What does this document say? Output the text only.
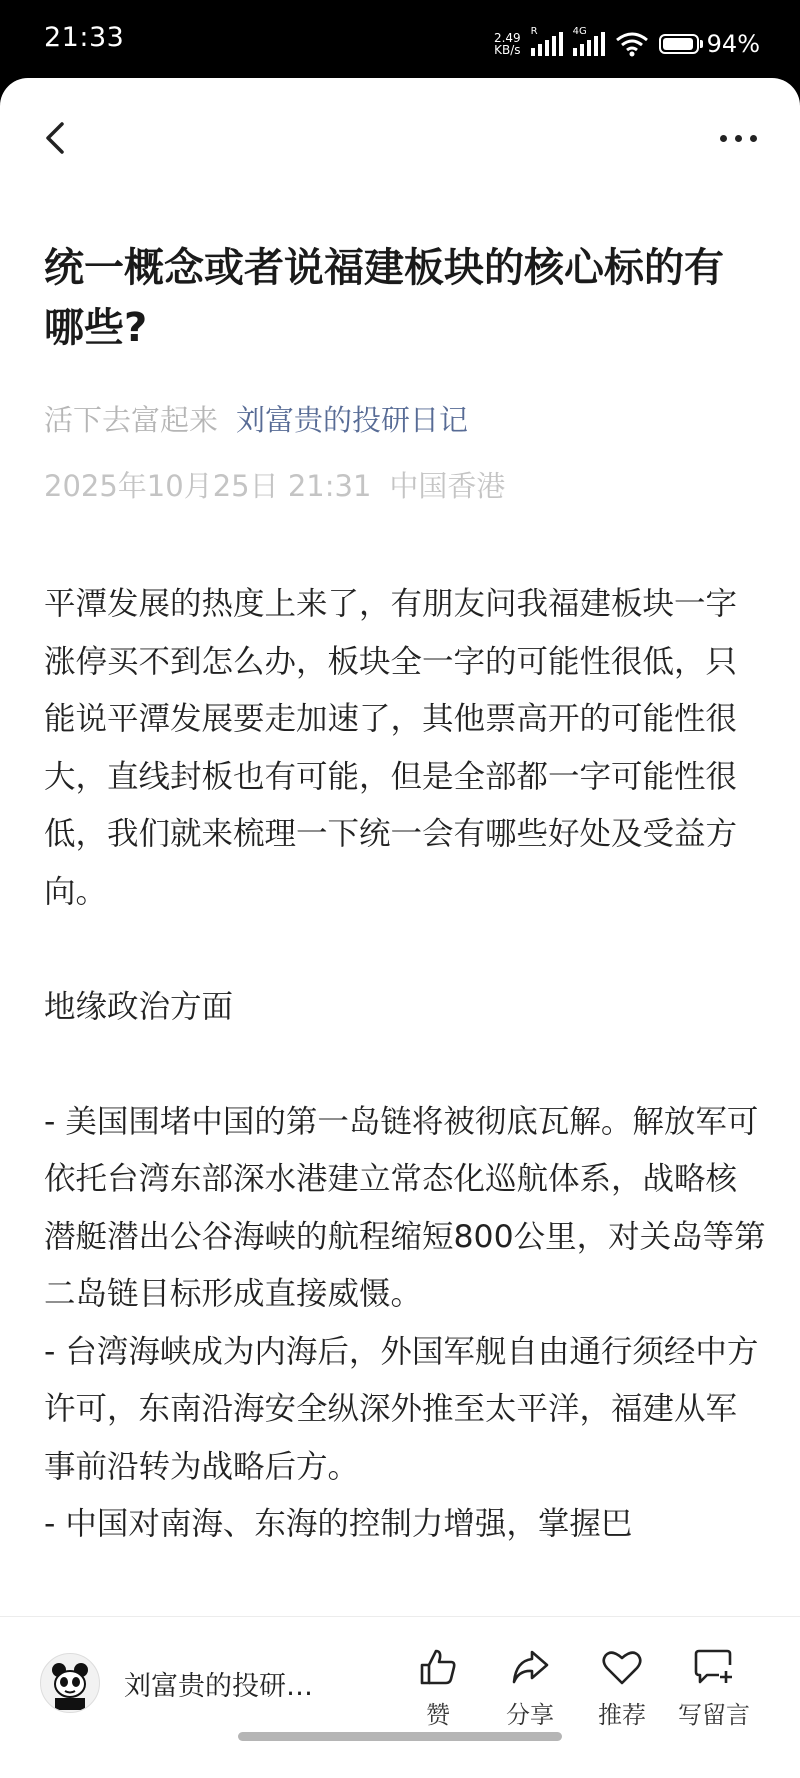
21:33	2.49
KB/s
R	4G	94%
统一概念或者说福建板块的核心标的有哪些?
活下去富起来 刘富贵的投研日记
2025年10月25日 21:31 中国香港

平潭发展的热度上来了，有朋友问我福建板块一字涨停买不到怎么办，板块全一字的可能性很低，只能说平潭发展要走加速了，其他票高开的可能性很大，直线封板也有可能，但是全部都一字可能性很低，我们就来梳理一下统一会有哪些好处及受益方向。

地缘政治方面

- 美国围堵中国的第一岛链将被彻底瓦解。解放军可依托台湾东部深水港建立常态化巡航体系，战略核潜艇潜出公谷海峡的航程缩短800公里，对关岛等第二岛链目标形成直接威慑。

- 台湾海峡成为内海后，外国军舰自由通行须经中方许可，东南沿海安全纵深外推至太平洋，福建从军事前沿转为战略后方。

- 中国对南海、东海的控制力增强，掌握巴

刘富贵的投研…
赞	分享	推荐	写留言
